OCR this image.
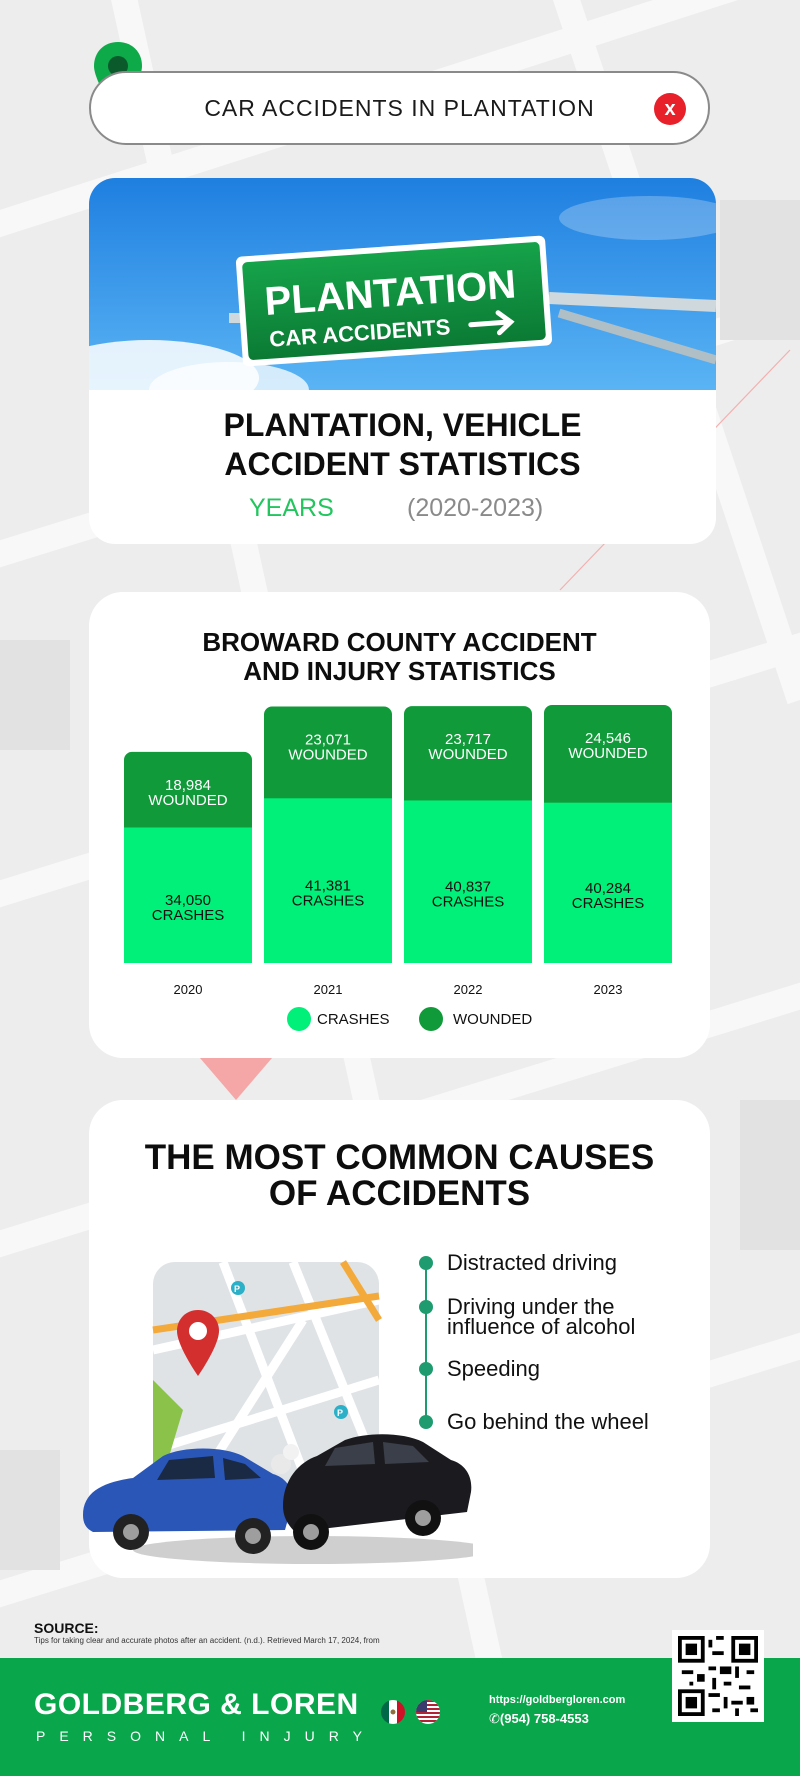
CAR ACCIDENTS IN PLANTATION	x
PLANTATION
CAR ACCIDENTS
PLANTATION, VEHICLE ACCIDENT STATISTICS
YEARS	(2020-2023)
BROWARD COUNTY ACCIDENT AND INJURY STATISTICS
18,984
WOUNDED
34,050
CRASHES
2020
23,071
WOUNDED
41,381
CRASHES
2021
23,717
WOUNDED
40,837
CRASHES
2022
24,546
WOUNDED
40,284
CRASHES
2023
CRASHES	WOUNDED
THE MOST COMMON CAUSES
OF ACCIDENTS
P
P
Distracted driving
Driving under the
influence of alcohol
Speeding
Go behind the wheel
SOURCE:
Tips for taking clear and accurate photos after an accident. (n.d.). Retrieved March 17, 2024, from
GOLDBERG & LOREN
PERSONAL INJURY
https://goldbergloren.com
✆(954) 758-4553
